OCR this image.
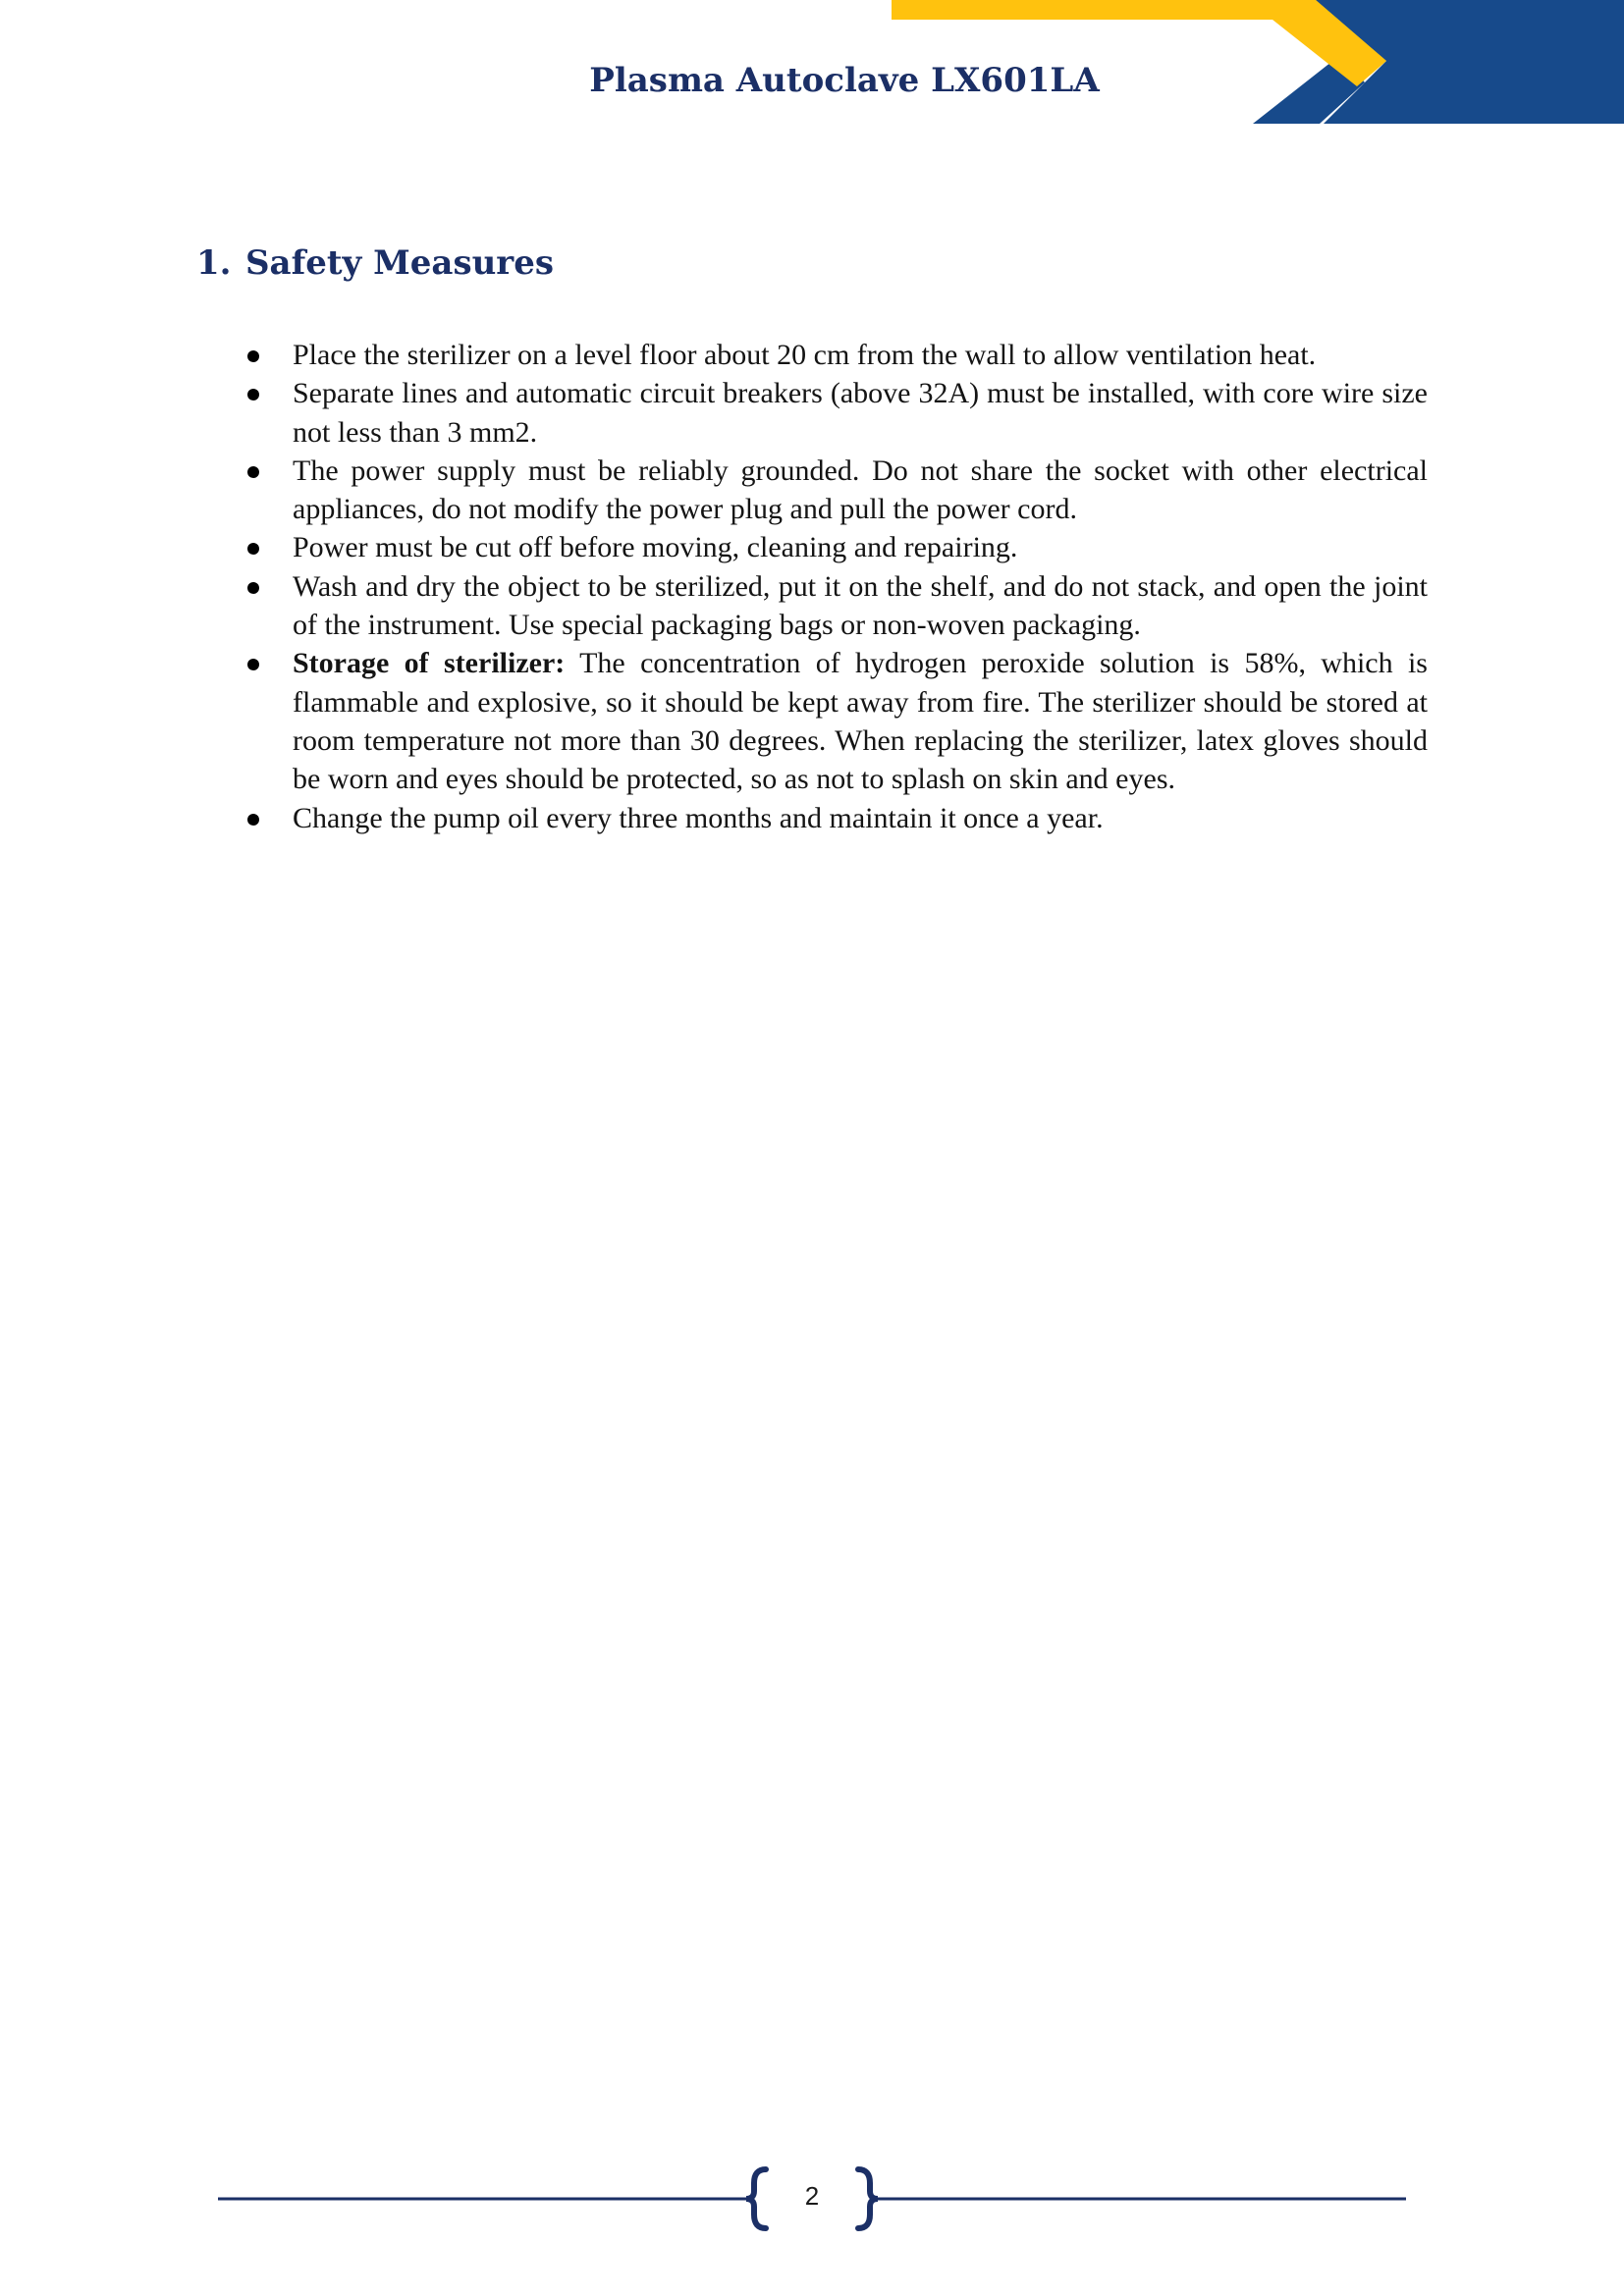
Plasma Autoclave LX601LA
1. Safety Measures
Place the sterilizer on a level floor about 20 cm from the wall to allow ventilation heat.
Separate lines and automatic circuit breakers (above 32A) must be installed, with core wire size not less than 3 mm2.
The power supply must be reliably grounded. Do not share the socket with other electrical appliances, do not modify the power plug and pull the power cord.
Power must be cut off before moving, cleaning and repairing.
Wash and dry the object to be sterilized, put it on the shelf, and do not stack, and open the joint of the instrument. Use special packaging bags or non-woven packaging.
Storage of sterilizer: The concentration of hydrogen peroxide solution is 58%, which is flammable and explosive, so it should be kept away from fire. The sterilizer should be stored at room temperature not more than 30 degrees. When replacing the sterilizer, latex gloves should be worn and eyes should be protected, so as not to splash on skin and eyes.
Change the pump oil every three months and maintain it once a year.
2
